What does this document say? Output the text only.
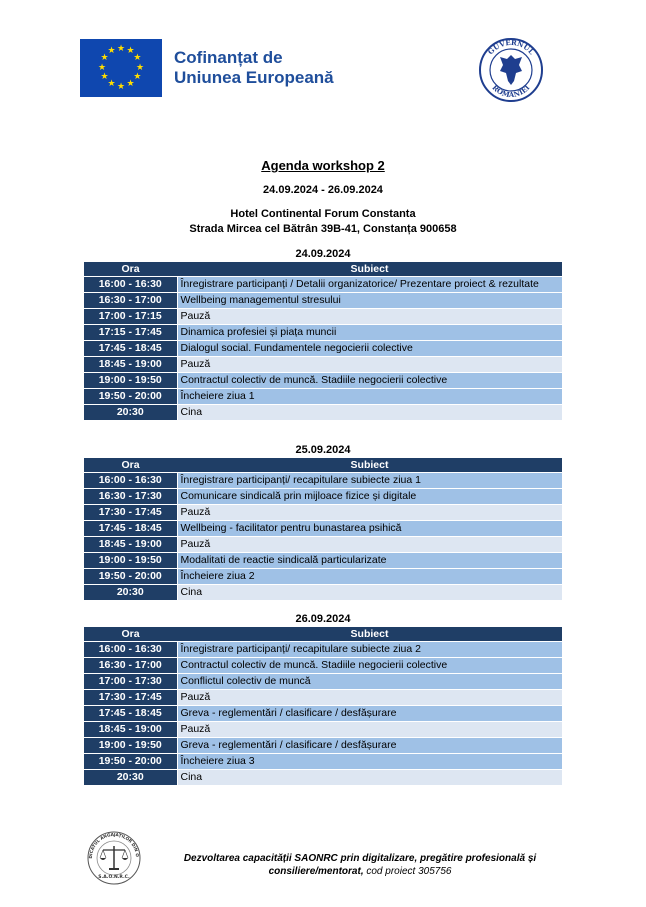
★ ★
★
★
★
★
★
★
★
★
★
★	Cofinanțat de
Uniunea Europeană
GUVERNUL
ROMÂNIEI
Agenda workshop 2
24.09.2024 - 26.09.2024
Hotel Continental Forum Constanta
Strada Mircea cel Bătrân 39B-41, Constanța 900658
24.09.2024
Ora	Subiect
16:00 - 16:30	Înregistrare participanți / Detalii organizatorice/ Prezentare proiect & rezultate
16:30 - 17:00	Wellbeing managementul stresului
17:00 - 17:15	Pauză
17:15 - 17:45	Dinamica profesiei și piața muncii
17:45 - 18:45	Dialogul social. Fundamentele negocierii colective
18:45 - 19:00	Pauză
19:00 - 19:50	Contractul colectiv de muncă. Stadiile negocierii colective
19:50 - 20:00	Încheiere ziua 1
20:30	Cina
25.09.2024
Ora	Subiect
16:00 - 16:30	Înregistrare participanți/ recapitulare subiecte ziua 1
16:30 - 17:30	Comunicare sindicală prin mijloace fizice și digitale
17:30 - 17:45	Pauză
17:45 - 18:45	Wellbeing - facilitator pentru bunastarea psihică
18:45 - 19:00	Pauză
19:00 - 19:50	Modalitati de reactie sindicală particularizate
19:50 - 20:00	Încheiere ziua 2
20:30	Cina
26.09.2024
Ora	Subiect
16:00 - 16:30	Înregistrare participanți/ recapitulare subiecte ziua 2
16:30 - 17:00	Contractul colectiv de muncă. Stadiile negocierii colective
17:00 - 17:30	Conflictul colectiv de muncă
17:30 - 17:45	Pauză
17:45 - 18:45	Greva - reglementări / clasificare / desfășurare
18:45 - 19:00	Pauză
19:00 - 19:50	Greva - reglementări / clasificare / desfășurare
19:50 - 20:00	Încheiere ziua 3
20:30	Cina
DICATUL ANGAJAȚILOR DIN O
S.A.O.N.R.C.
Dezvoltarea capacității SAONRC prin digitalizare, pregătire profesională și consiliere/mentorat, cod proiect 305756
